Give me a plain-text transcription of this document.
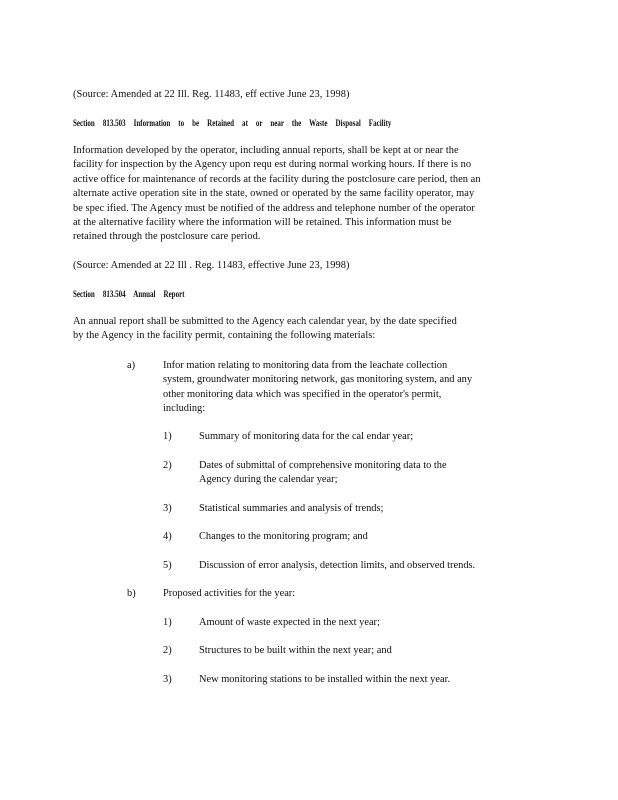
(Source: Amended at 22 Ill. Reg. 11483, eff ective June 23, 1998)
Section 813.503 Information to be Retained at or near the Waste Disposal Facility
Information developed by the operator, including annual reports, shall be kept at or near the
facility for inspection by the Agency upon requ est during normal working hours. If there is no
active office for maintenance of records at the facility during the postclosure care period, then an
alternate active operation site in the state, owned or operated by the same facility operator, may
be spec ified. The Agency must be notified of the address and telephone number of the operator
at the alternative facility where the information will be retained. This information must be
retained through the postclosure care period.
(Source: Amended at 22 Ill . Reg. 11483, effective June 23, 1998)
Section 813.504 Annual Report
An annual report shall be submitted to the Agency each calendar year, by the date specified
by the Agency in the facility permit, containing the following materials:
a)	Infor mation relating to monitoring data from the leachate collection
system, groundwater monitoring network, gas monitoring system, and any
other monitoring data which was specified in the operator's permit,
including:
1)	Summary of monitoring data for the cal endar year;
2)	Dates of submittal of comprehensive monitoring data to the
Agency during the calendar year;
3)	Statistical summaries and analysis of trends;
4)	Changes to the monitoring program; and
5)	Discussion of error analysis, detection limits, and observed trends.
b)	Proposed activities for the year:
1)	Amount of waste expected in the next year;
2)	Structures to be built within the next year; and
3)	New monitoring stations to be installed within the next year.
